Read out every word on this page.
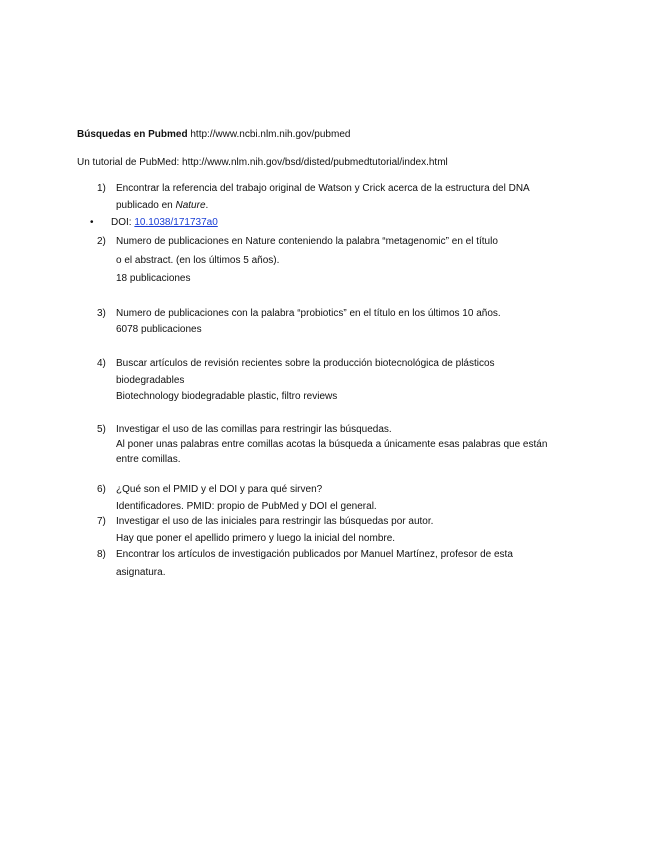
Búsquedas en Pubmed http://www.ncbi.nlm.nih.gov/pubmed
Un tutorial de PubMed: http://www.nlm.nih.gov/bsd/disted/pubmedtutorial/index.html
1) Encontrar la referencia del trabajo original de Watson y Crick acerca de la estructura del DNA
publicado en Nature.
• DOI: 10.1038/171737a0
2) Numero de publicaciones en Nature conteniendo la palabra “metagenomic” en el título
o el abstract. (en los últimos 5 años).
18 publicaciones
3) Numero de publicaciones con la palabra “probiotics” en el título en los últimos 10 años.
6078 publicaciones
4) Buscar artículos de revisión recientes sobre la producción biotecnológica de plásticos
biodegradables
Biotechnology biodegradable plastic, filtro reviews
5) Investigar el uso de las comillas para restringir las búsquedas.
Al poner unas palabras entre comillas acotas la búsqueda a únicamente esas palabras que están
entre comillas.
6) ¿Qué son el PMID y el DOI y para qué sirven?
Identificadores. PMID: propio de PubMed y DOI el general.
7) Investigar el uso de las iniciales para restringir las búsquedas por autor.
Hay que poner el apellido primero y luego la inicial del nombre.
8) Encontrar los artículos de investigación publicados por Manuel Martínez, profesor de esta
asignatura.
